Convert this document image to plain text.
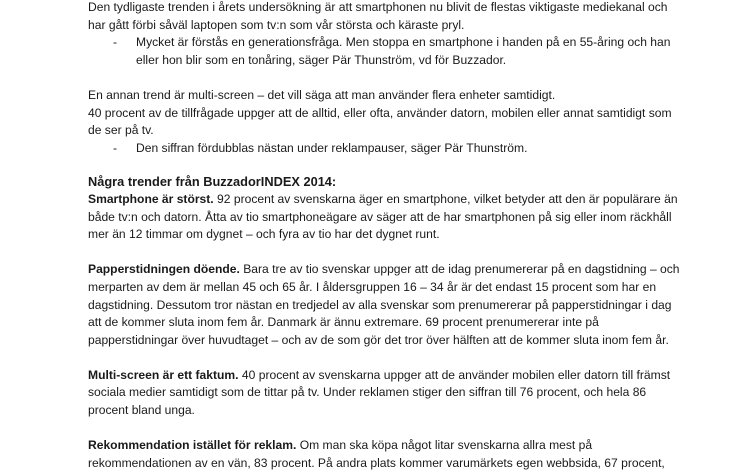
Den tydligaste trenden i årets undersökning är att smartphonen nu blivit de flestas viktigaste mediekanal och
har gått förbi såväl laptopen som tv:n som vår största och käraste pryl.
- Mycket är förstås en generationsfråga. Men stoppa en smartphone i handen på en 55-åring och han
eller hon blir som en tonåring, säger Pär Thunström, vd för Buzzador.
En annan trend är multi-screen – det vill säga att man använder flera enheter samtidigt.
40 procent av de tillfrågade uppger att de alltid, eller ofta, använder datorn, mobilen eller annat samtidigt som
de ser på tv.
- Den siffran fördubblas nästan under reklampauser, säger Pär Thunström.
Några trender från BuzzadorINDEX 2014:
Smartphone är störst. 92 procent av svenskarna äger en smartphone, vilket betyder att den är populärare än
både tv:n och datorn. Åtta av tio smartphoneägare av säger att de har smartphonen på sig eller inom räckhåll
mer än 12 timmar om dygnet – och fyra av tio har det dygnet runt.
Papperstidningen döende. Bara tre av tio svenskar uppger att de idag prenumererar på en dagstidning – och
merparten av dem är mellan 45 och 65 år. I åldersgruppen 16 – 34 år är det endast 15 procent som har en
dagstidning. Dessutom tror nästan en tredjedel av alla svenskar som prenumererar på papperstidningar i dag
att de kommer sluta inom fem år. Danmark är ännu extremare. 69 procent prenumererar inte på
papperstidningar över huvudtaget – och av de som gör det tror över hälften att de kommer sluta inom fem år.
Multi-screen är ett faktum. 40 procent av svenskarna uppger att de använder mobilen eller datorn till främst
sociala medier samtidigt som de tittar på tv. Under reklamen stiger den siffran till 76 procent, och hela 86
procent bland unga.
Rekommendation istället för reklam. Om man ska köpa något litar svenskarna allra mest på
rekommendationen av en vän, 83 procent. På andra plats kommer varumärkets egen webbsida, 67 procent,
